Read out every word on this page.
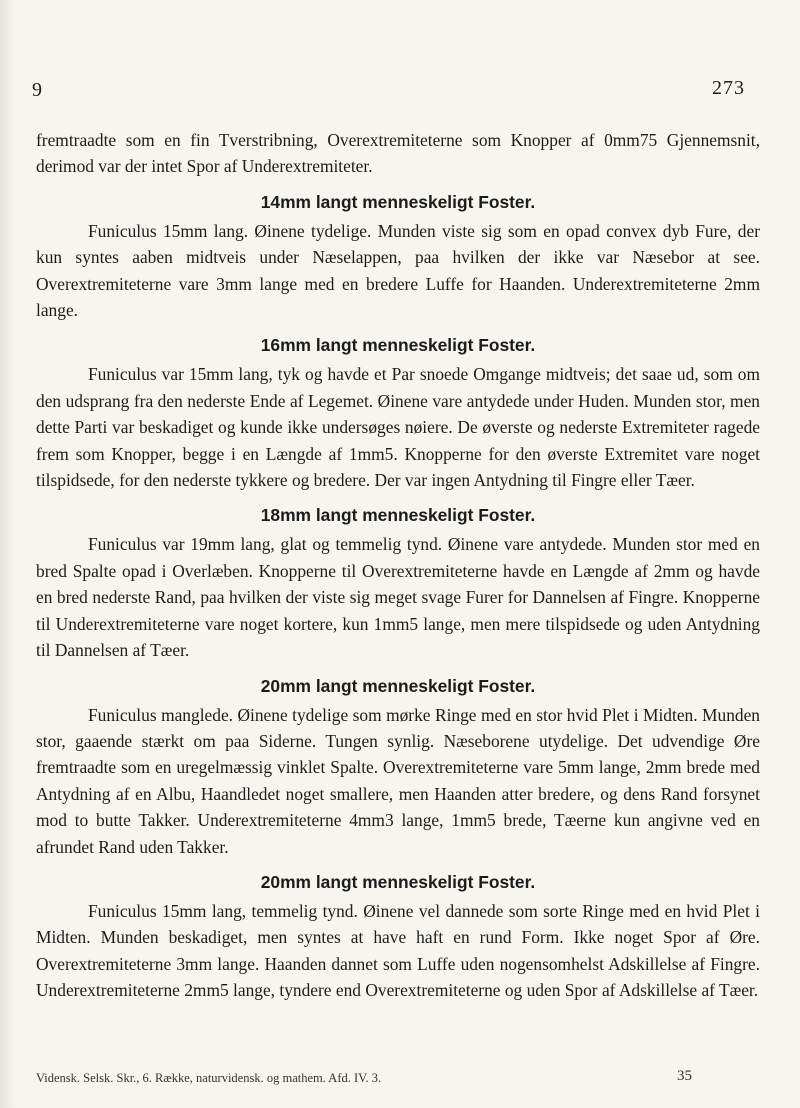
9	273

fremtraadte som en fin Tverstribning, Overextremiteterne som Knopper af 0mm75 Gjennemsnit, derimod var der intet Spor af Underextremiteter.

14mm langt menneskeligt Foster.

Funiculus 15mm lang. Øinene tydelige. Munden viste sig som en opad convex dyb Fure, der kun syntes aaben midtveis under Næselappen, paa hvilken der ikke var Næsebor at see. Overextremiteterne vare 3mm lange med en bredere Luffe for Haanden. Underextremiteterne 2mm lange.

16mm langt menneskeligt Foster.

Funiculus var 15mm lang, tyk og havde et Par snoede Omgange midtveis; det saae ud, som om den udsprang fra den nederste Ende af Legemet. Øinene vare antydede under Huden. Munden stor, men dette Parti var beskadiget og kunde ikke undersøges nøiere. De øverste og nederste Extremiteter ragede frem som Knopper, begge i en Længde af 1mm5. Knopperne for den øverste Extremitet vare noget tilspidsede, for den nederste tykkere og bredere. Der var ingen Antydning til Fingre eller Tæer.

18mm langt menneskeligt Foster.

Funiculus var 19mm lang, glat og temmelig tynd. Øinene vare antydede. Munden stor med en bred Spalte opad i Overlæben. Knopperne til Overextremiteterne havde en Længde af 2mm og havde en bred nederste Rand, paa hvilken der viste sig meget svage Furer for Dannelsen af Fingre. Knopperne til Underextremiteterne vare noget kortere, kun 1mm5 lange, men mere tilspidsede og uden Antydning til Dannelsen af Tæer.

20mm langt menneskeligt Foster.

Funiculus manglede. Øinene tydelige som mørke Ringe med en stor hvid Plet i Midten. Munden stor, gaaende stærkt om paa Siderne. Tungen synlig. Næseborene utydelige. Det udvendige Øre fremtraadte som en uregelmæssig vinklet Spalte. Overextremiteterne vare 5mm lange, 2mm brede med Antydning af en Albu, Haandledet noget smallere, men Haanden atter bredere, og dens Rand forsynet mod to butte Takker. Underextremiteterne 4mm3 lange, 1mm5 brede, Tæerne kun angivne ved en afrundet Rand uden Takker.

20mm langt menneskeligt Foster.

Funiculus 15mm lang, temmelig tynd. Øinene vel dannede som sorte Ringe med en hvid Plet i Midten. Munden beskadiget, men syntes at have haft en rund Form. Ikke noget Spor af Øre. Overextremiteterne 3mm lange. Haanden dannet som Luffe uden nogensomhelst Adskillelse af Fingre. Underextremiteterne 2mm5 lange, tyndere end Overextremiteterne og uden Spor af Adskillelse af Tæer.

Vidensk. Selsk. Skr., 6. Række, naturvidensk. og mathem. Afd. IV. 3.	35
